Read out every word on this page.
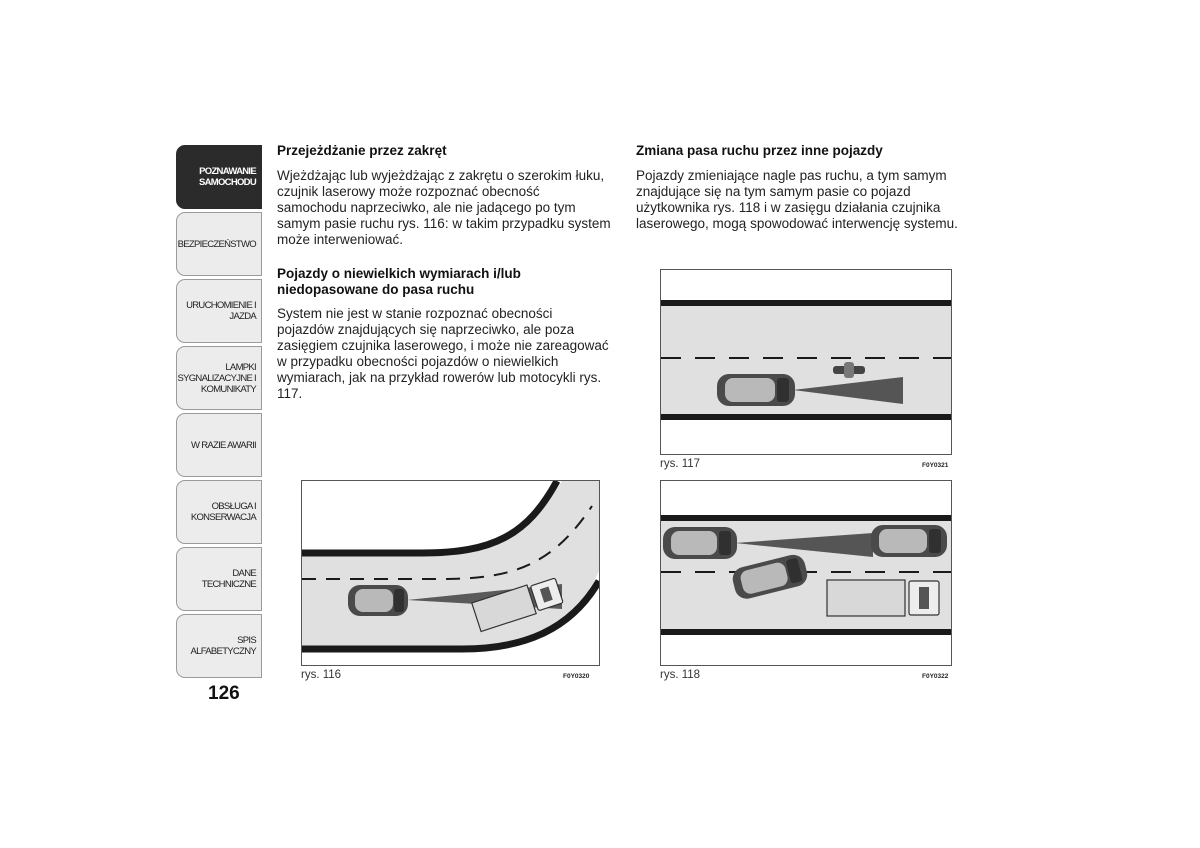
POZNAWANIE SAMOCHODU
BEZPIECZEŃSTWO
URUCHOMIENIE I JAZDA
LAMPKI SYGNALIZACYJNE I KOMUNIKATY
W RAZIE AWARII
OBSŁUGA I KONSERWACJA
DANE TECHNICZNE
SPIS ALFABETYCZNY
126
Przejeżdżanie przez zakręt

Wjeżdżając lub wyjeżdżając z zakrętu o szerokim łuku, czujnik laserowy może rozpoznać obecność samochodu naprzeciwko, ale nie jadącego po tym samym pasie ruchu rys. 116: w takim przypadku system może interweniować.

Pojazdy o niewielkich wymiarach i/lub niedopasowane do pasa ruchu

System nie jest w stanie rozpoznać obecności pojazdów znajdujących się naprzeciwko, ale poza zasięgiem czujnika laserowego, i może nie zareagować w przypadku obecności pojazdów o niewielkich wymiarach, jak na przykład rowerów lub motocykli rys. 117.

Zmiana pasa ruchu przez inne pojazdy

Pojazdy zmieniające nagle pas ruchu, a tym samym znajdujące się na tym samym pasie co pojazd użytkownika rys. 118 i w zasięgu działania czujnika laserowego, mogą spowodować interwencję systemu.

rys. 116	F0Y0320
rys. 117	F0Y0321
rys. 118	F0Y0322
